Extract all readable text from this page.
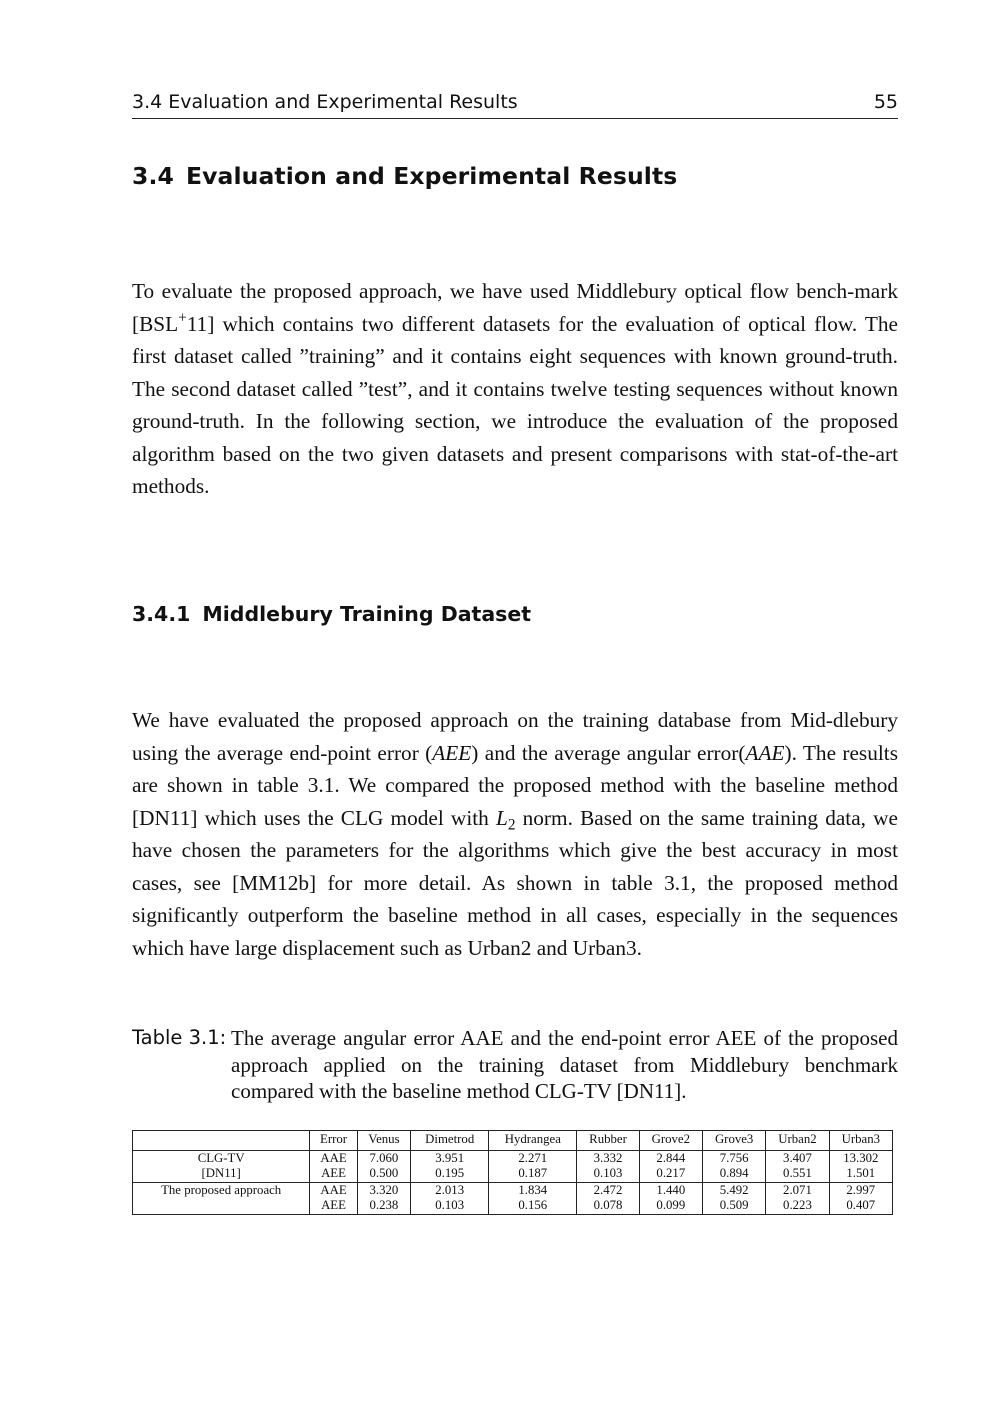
3.4 Evaluation and Experimental Results	55
3.4 Evaluation and Experimental Results

To evaluate the proposed approach, we have used Middlebury optical flow bench-mark [BSL+11] which contains two different datasets for the evaluation of optical flow. The first dataset called ”training” and it contains eight sequences with known ground-truth. The second dataset called ”test”, and it contains twelve testing sequences without known ground-truth. In the following section, we introduce the evaluation of the proposed algorithm based on the two given datasets and present comparisons with stat-of-the-art methods.

3.4.1 Middlebury Training Dataset

We have evaluated the proposed approach on the training database from Mid-dlebury using the average end-point error (AEE) and the average angular error(AAE). The results are shown in table 3.1. We compared the proposed method with the baseline method [DN11] which uses the CLG model with $L_2$ norm. Based on the same training data, we have chosen the parameters for the algorithms which give the best accuracy in most cases, see [MM12b] for more detail. As shown in table 3.1, the proposed method significantly outperform the baseline method in all cases, especially in the sequences which have large displacement such as Urban2 and Urban3.

Table 3.1: The average angular error AAE and the end-point error AEE of the proposed approach applied on the training dataset from Middlebury benchmark compared with the baseline method CLG-TV [DN11].
	Error	Venus	Dimetrod	Hydrangea	Rubber	Grove2	Grove3	Urban2	Urban3
CLG-TV	AAE	7.060	3.951	2.271	3.332	2.844	7.756	3.407	13.302
[DN11]	AEE	0.500	0.195	0.187	0.103	0.217	0.894	0.551	1.501
The proposed approach	AAE	3.320	2.013	1.834	2.472	1.440	5.492	2.071	2.997
	AEE	0.238	0.103	0.156	0.078	0.099	0.509	0.223	0.407
